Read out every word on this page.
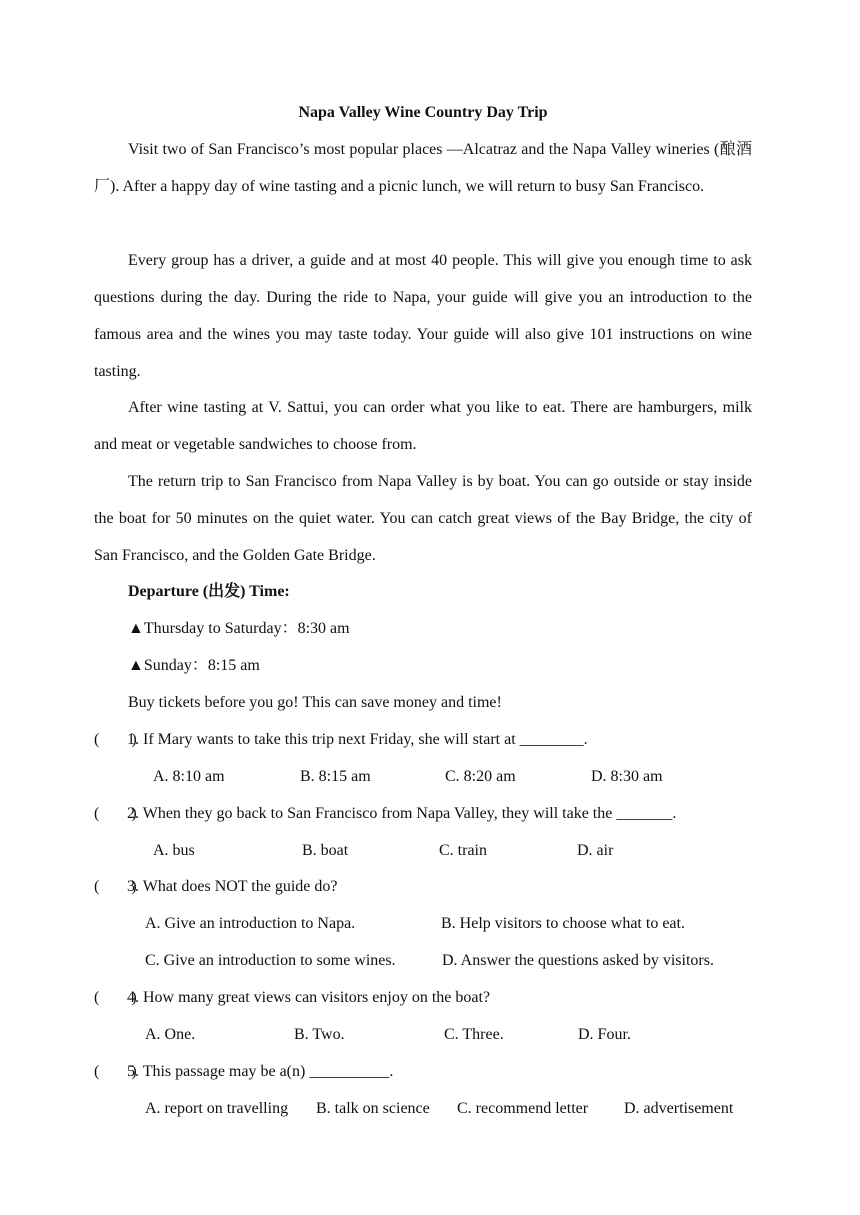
Napa Valley Wine Country Day Trip

Visit two of San Francisco’s most popular places —Alcatraz and the Napa Valley wineries (酿酒厂). After a happy day of wine tasting and a picnic lunch, we will return to busy San Francisco.

Every group has a driver, a guide and at most 40 people. This will give you enough time to ask questions during the day. During the ride to Napa, your guide will give you an introduction to the famous area and the wines you may taste today. Your guide will also give 101 instructions on wine tasting.

After wine tasting at V. Sattui, you can order what you like to eat. There are hamburgers, milk and meat or vegetable sandwiches to choose from.

The return trip to San Francisco from Napa Valley is by boat. You can go outside or stay inside the boat for 50 minutes on the quiet water. You can catch great views of the Bay Bridge, the city of San Francisco, and the Golden Gate Bridge.

Departure (出发) Time:
▲Thursday to Saturday：8:30 am
▲Sunday：8:15 am
Buy tickets before you go! This can save money and time!
(　　)1. If Mary wants to take this trip next Friday, she will start at ________.
A. 8:10 am	B. 8:15 am	C. 8:20 am	D. 8:30 am
(　　)2. When they go back to San Francisco from Napa Valley, they will take the _______.
A. bus	B. boat	C. train	D. air
(　　)3. What does NOT the guide do?
A. Give an introduction to Napa.	B. Help visitors to choose what to eat.
C. Give an introduction to some wines.	D. Answer the questions asked by visitors.
(　　)4. How many great views can visitors enjoy on the boat?
A. One.	B. Two.	C. Three.	D. Four.
(　　)5. This passage may be a(n) __________.
A. report on travelling B. talk on science C. recommend letter D. advertisement
